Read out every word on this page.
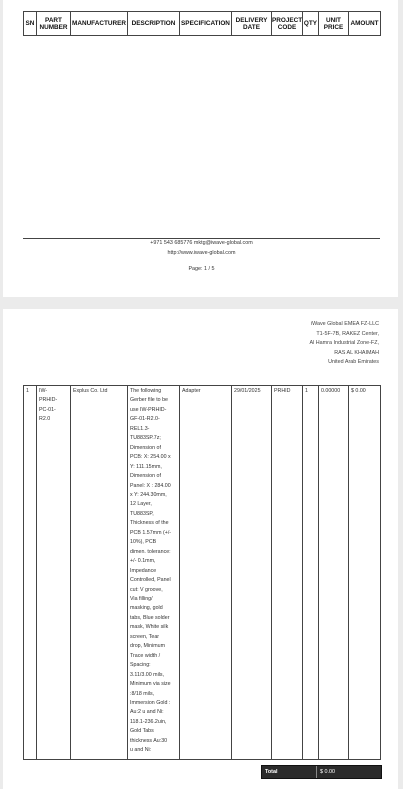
SN	PART NUMBER	MANUFACTURER	DESCRIPTION	SPECIFICATION	DELIVERY DATE	PROJECT CODE	QTY	UNIT PRICE	AMOUNT
+971 543 685776 mktg@iwave-global.com
http://www.iwave-global.com
Page: 1 / 5
iWave Global EMEA FZ-LLC
T1-5F-7B, RAKEZ Center,
Al Hamra Industrial Zone-FZ,
RAS AL KHAIMAH
United Arab Emirates
1	IW-
PRHID-
PC-01-
R2.0
	Explus Co. Ltd	The following
Gerber file to be
use IW-PRHID-
GF-01-R2.0-
REL1.3-
TU883SP.7z;
Dimension of
PCB: X: 254.00 x
Y: 111.15mm,
Dimension of
Panel: X : 284.00
x Y: 244.30mm,
12 Layer,
TU883SP,
Thickness of the
PCB 1.57mm (+/-
10%), PCB
dimen. tolerance:
+/- 0.1mm,
Impedance
Controlled, Panel
cut: V groove,
Via filling/
masking, gold
tabs, Blue solder
mask, White silk
screen, Tear
drop, Minimum
Trace width /
Spacing:
3.11/3.00 mils,
Minimum via size
:8/18 mils,
Immersion Gold :
Au:2 u and Ni:
118.1-236.2uin,
Gold Tabs
thickness Au:30
u and Ni:
	Adapter	29/01/2025	PRHID	1	0.00000	$ 0.00
Total	$ 0.00
